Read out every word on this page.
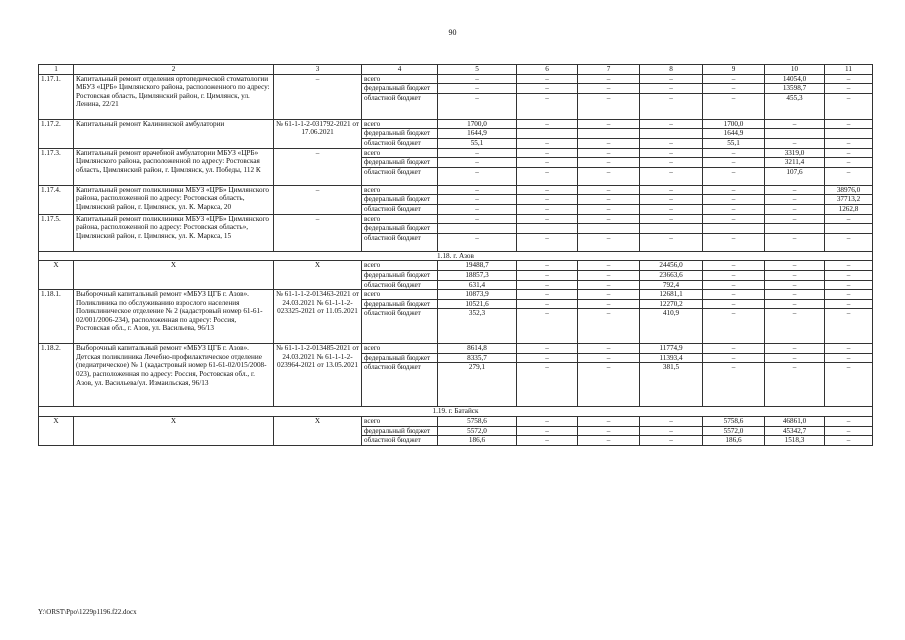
90
1	2	3	4	5	6	7	8	9	10	11
1.17.1.	Капитальный ремонт отделения ортопедической стоматологии МБУЗ «ЦРБ» Цимлянского района, расположенного по адресу: Ростовская область, Цимлянский район, г. Цимлянск, ул. Ленина, 22/21	–	всего	–	–	–	–	–	14054,0	–
			федеральный бюджет	–	–	–	–	–	13598,7	–
			областной бюджет	–	–	–	–	–	455,3	–
1.17.2.	Капитальный ремонт Калининской амбулатории	№ 61-1-1-2-031792-2021 от 17.06.2021	всего	1700,0	–	–	–	1700,0	–	–
			федеральный бюджет	1644,9				1644,9		
			областной бюджет	55,1	–	–	–	55,1	–	–
1.17.3.	Капитальный ремонт врачебной амбулатории МБУЗ «ЦРБ» Цимлянского района, расположенной по адресу: Ростовская область, Цимлянский район, г. Цимлянск, ул. Победы, 112 К	–	всего	–	–	–	–	–	3319,0	–
			федеральный бюджет	–	–	–	–	–	3211,4	–
			областной бюджет	–	–	–	–	–	107,6	–
1.17.4.	Капитальный ремонт поликлиники МБУЗ «ЦРБ» Цимлянского района, расположенной по адресу: Ростовская область, Цимлянский район, г. Цимлянск, ул. К. Маркса, 20	–	всего	–	–	–	–	–	–	38976,0
			федеральный бюджет	–	–	–	–	–	–	37713,2
			областной бюджет	–	–	–	–	–	–	1262,8
1.17.5.	Капитальный ремонт поликлиники МБУЗ «ЦРБ» Цимлянского района, расположенной по адресу: Ростовская область», Цимлянский район, г. Цимлянск, ул. К. Маркса, 15	–	всего	–	–	–	–	–	–	–
			федеральный бюджет							
			областной бюджет	–	–	–	–	–	–	–
1.18. г. Азов										
X	X	X	всего	19488,7	–	–	24456,0	–	–	–
			федеральный бюджет	18857,3	–	–	23663,6	–	–	–
			областной бюджет	631,4	–	–	792,4	–	–	–
1.18.1.	Выборочный капитальный ремонт «МБУЗ ЦГБ г. Азов». Поликлиника по обслуживанию взрослого населения Поликлиническое отделение № 2 (кадастровый номер 61-61-02/001/2006-234), расположенная по адресу: Россия, Ростовская обл., г. Азов, ул. Васильева, 96/13	№ 61-1-1-2-013463-2021 от 24.03.2021 № 61-1-1-2-023325-2021 от 11.05.2021	всего	10873,9	–	–	12681,1	–	–	–
			федеральный бюджет	10521,6	–	–	12270,2	–	–	–
			областной бюджет	352,3	–	–	410,9	–	–	–
1.18.2.	Выборочный капитальный ремонт «МБУЗ ЦГБ г. Азов». Детская поликлиника Лечебно-профилактическое отделение (педиатрическое) № 1 (кадастровый номер 61-61-02/015/2008-023), расположенная по адресу: Россия, Ростовская обл., г. Азов, ул. Васильева/ул. Измаильская, 96/13	№ 61-1-1-2-013485-2021 от 24.03.2021 № 61-1-1-2-023964-2021 от 13.05.2021	всего	8614,8	–	–	11774,9	–	–	–
			федеральный бюджет	8335,7	–	–	11393,4	–	–	–
			областной бюджет	279,1	–	–	381,5	–	–	–
1.19. г. Батайск										
X	X	X	всего	5758,6	–	–	–	5758,6	46861,0	–
			федеральный бюджет	5572,0	–	–	–	5572,0	45342,7	–
			областной бюджет	186,6	–	–	–	186,6	1518,3	–
Y:\ORST\Ppo\1229p1196.f22.docx
